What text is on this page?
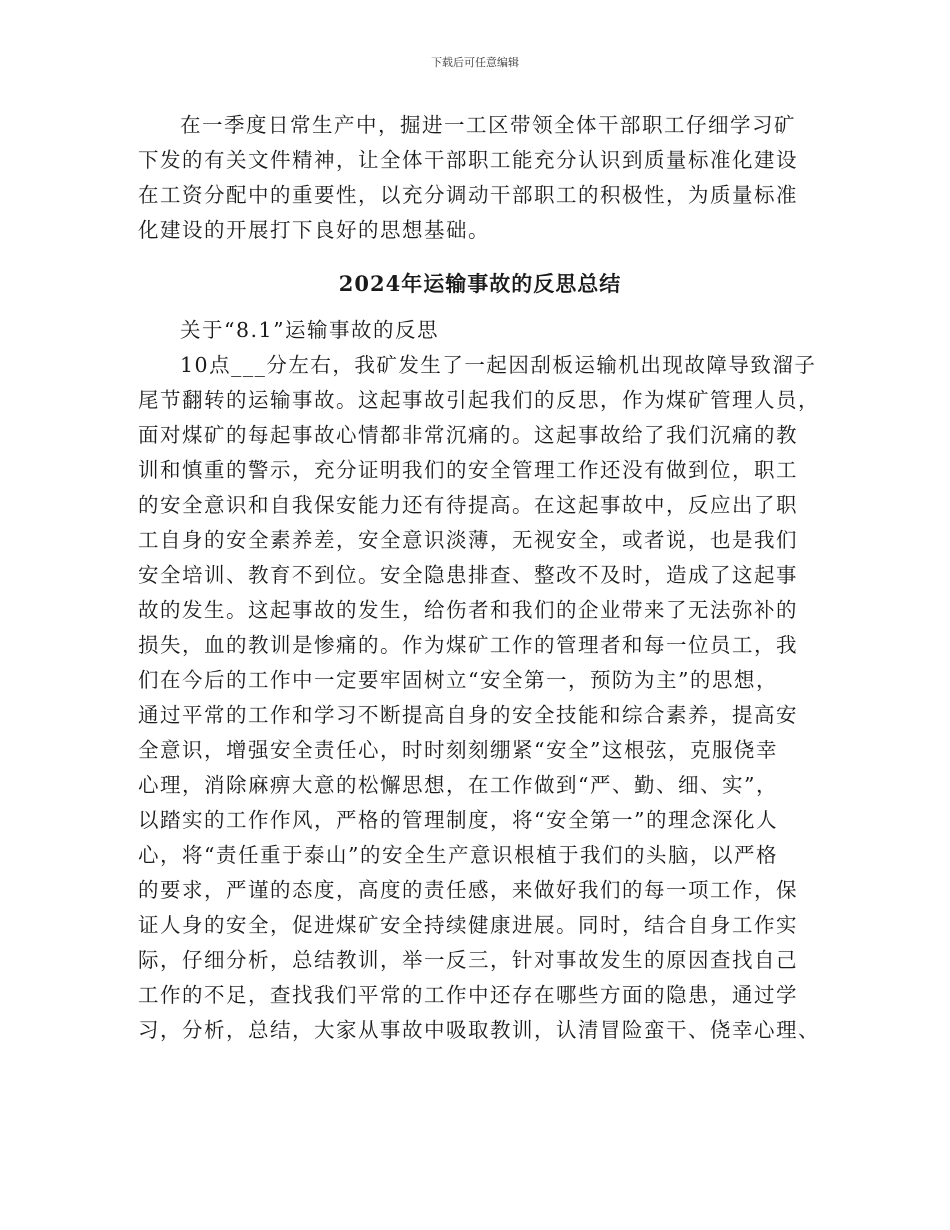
下载后可任意编辑
在一季度日常生产中，掘进一工区带领全体干部职工仔细学习矿
下发的有关文件精神，让全体干部职工能充分认识到质量标准化建设
在工资分配中的重要性，以充分调动干部职工的积极性，为质量标准
化建设的开展打下良好的思想基础。
2024年运输事故的反思总结
关于“8.1”运输事故的反思
10点___分左右，我矿发生了一起因刮板运输机出现故障导致溜子
尾节翻转的运输事故。这起事故引起我们的反思，作为煤矿管理人员，
面对煤矿的每起事故心情都非常沉痛的。这起事故给了我们沉痛的教
训和慎重的警示，充分证明我们的安全管理工作还没有做到位，职工
的安全意识和自我保安能力还有待提高。在这起事故中，反应出了职
工自身的安全素养差，安全意识淡薄，无视安全，或者说，也是我们
安全培训、教育不到位。安全隐患排查、整改不及时，造成了这起事
故的发生。这起事故的发生，给伤者和我们的企业带来了无法弥补的
损失，血的教训是惨痛的。作为煤矿工作的管理者和每一位员工，我
们在今后的工作中一定要牢固树立“安全第一，预防为主”的思想，
通过平常的工作和学习不断提高自身的安全技能和综合素养，提高安
全意识，增强安全责任心，时时刻刻绷紧“安全”这根弦，克服侥幸
心理，消除麻痹大意的松懈思想，在工作做到“严、勤、细、实”，
以踏实的工作作风，严格的管理制度，将“安全第一”的理念深化人
心，将“责任重于泰山”的安全生产意识根植于我们的头脑，以严格
的要求，严谨的态度，高度的责任感，来做好我们的每一项工作，保
证人身的安全，促进煤矿安全持续健康进展。同时，结合自身工作实
际，仔细分析，总结教训，举一反三，针对事故发生的原因查找自己
工作的不足，查找我们平常的工作中还存在哪些方面的隐患，通过学
习，分析，总结，大家从事故中吸取教训，认清冒险蛮干、侥幸心理、
